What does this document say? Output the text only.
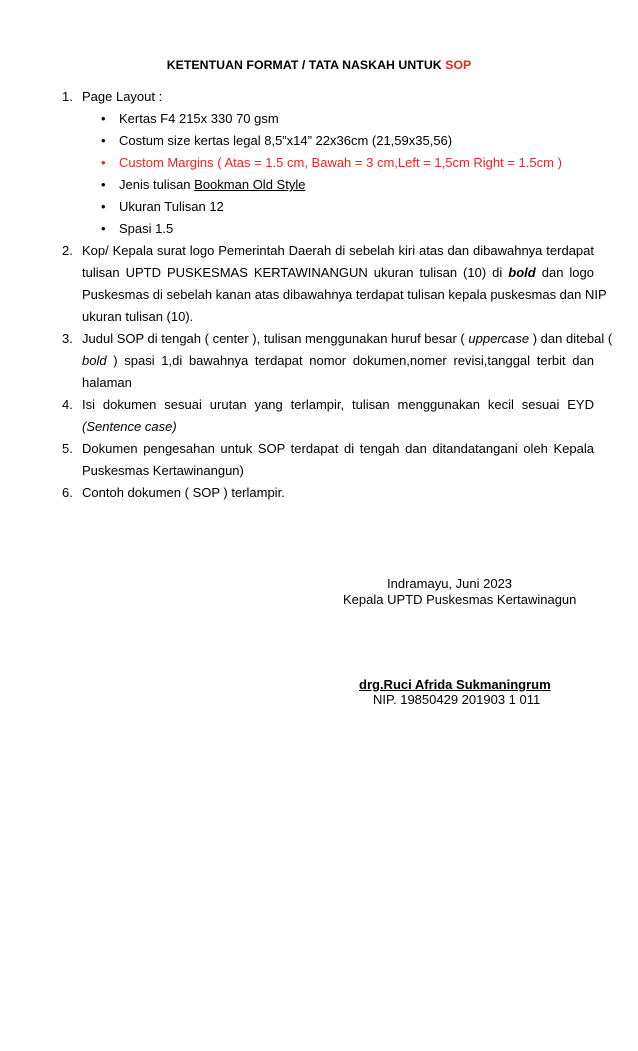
KETENTUAN FORMAT / TATA NASKAH UNTUK SOP
1. Page Layout :
• Kertas F4 215x 330 70 gsm
• Costum size kertas legal 8,5”x14” 22x36cm (21,59x35,56)
• Custom Margins ( Atas = 1.5 cm, Bawah = 3 cm,Left = 1,5cm Right = 1.5cm )
• Jenis tulisan Bookman Old Style
• Ukuran Tulisan 12
• Spasi 1.5
2. Kop/ Kepala surat logo Pemerintah Daerah di sebelah kiri atas dan dibawahnya terdapat
tulisan UPTD PUSKESMAS KERTAWINANGUN ukuran tulisan (10) di bold dan logo
Puskesmas di sebelah kanan atas dibawahnya terdapat tulisan kepala puskesmas dan NIP
ukuran tulisan (10).
3. Judul SOP di tengah ( center ), tulisan menggunakan huruf besar ( uppercase ) dan ditebal (
bold ) spasi 1,di bawahnya terdapat nomor dokumen,nomer revisi,tanggal terbit dan
halaman
4. Isi dokumen sesuai urutan yang terlampir, tulisan menggunakan kecil sesuai EYD
(Sentence case)
5. Dokumen pengesahan untuk SOP terdapat di tengah dan ditandatangani oleh Kepala
Puskesmas Kertawinangun)
6. Contoh dokumen ( SOP ) terlampir.
Indramayu, Juni 2023
Kepala UPTD Puskesmas Kertawinagun
drg.Ruci Afrida Sukmaningrum
NIP. 19850429 201903 1 011
